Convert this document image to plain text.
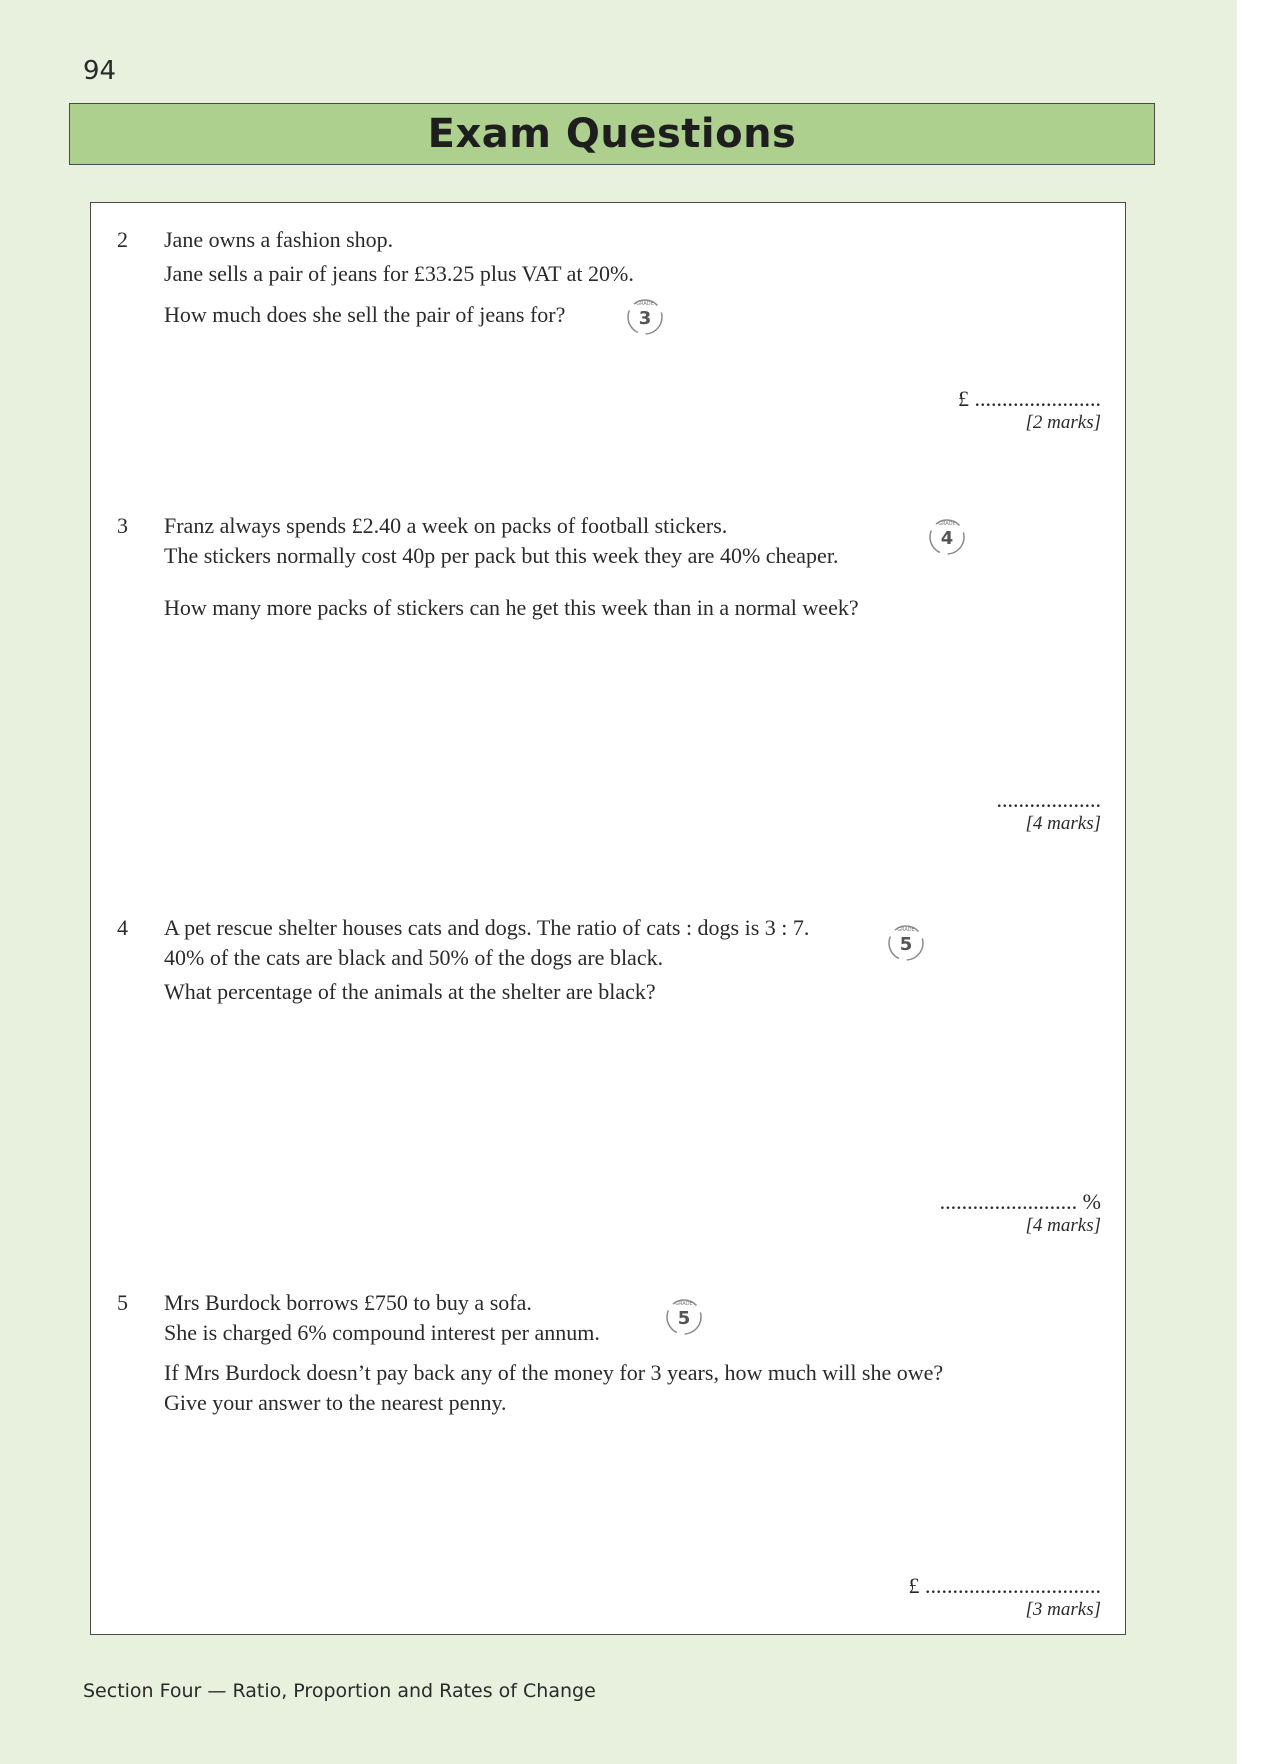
94
Exam Questions
2 Jane owns a fashion shop.
Jane sells a pair of jeans for £33.25 plus VAT at 20%.
How much does she sell the pair of jeans for?	GRADE
3
£ .......................
[2 marks]
3 Franz always spends £2.40 a week on packs of football stickers.
The stickers normally cost 40p per pack but this week they are 40% cheaper.
How many more packs of stickers can he get this week than in a normal week?
GRADE
4
...................
[4 marks]
4 A pet rescue shelter houses cats and dogs. The ratio of cats : dogs is 3 : 7.
40% of the cats are black and 50% of the dogs are black.
What percentage of the animals at the shelter are black?
GRADE
5
......................... %
[4 marks]
5 Mrs Burdock borrows £750 to buy a sofa.
She is charged 6% compound interest per annum.
If Mrs Burdock doesn’t pay back any of the money for 3 years, how much will she owe?
Give your answer to the nearest penny.
GRADE
5
£ ................................
[3 marks]
Section Four — Ratio, Proportion and Rates of Change
